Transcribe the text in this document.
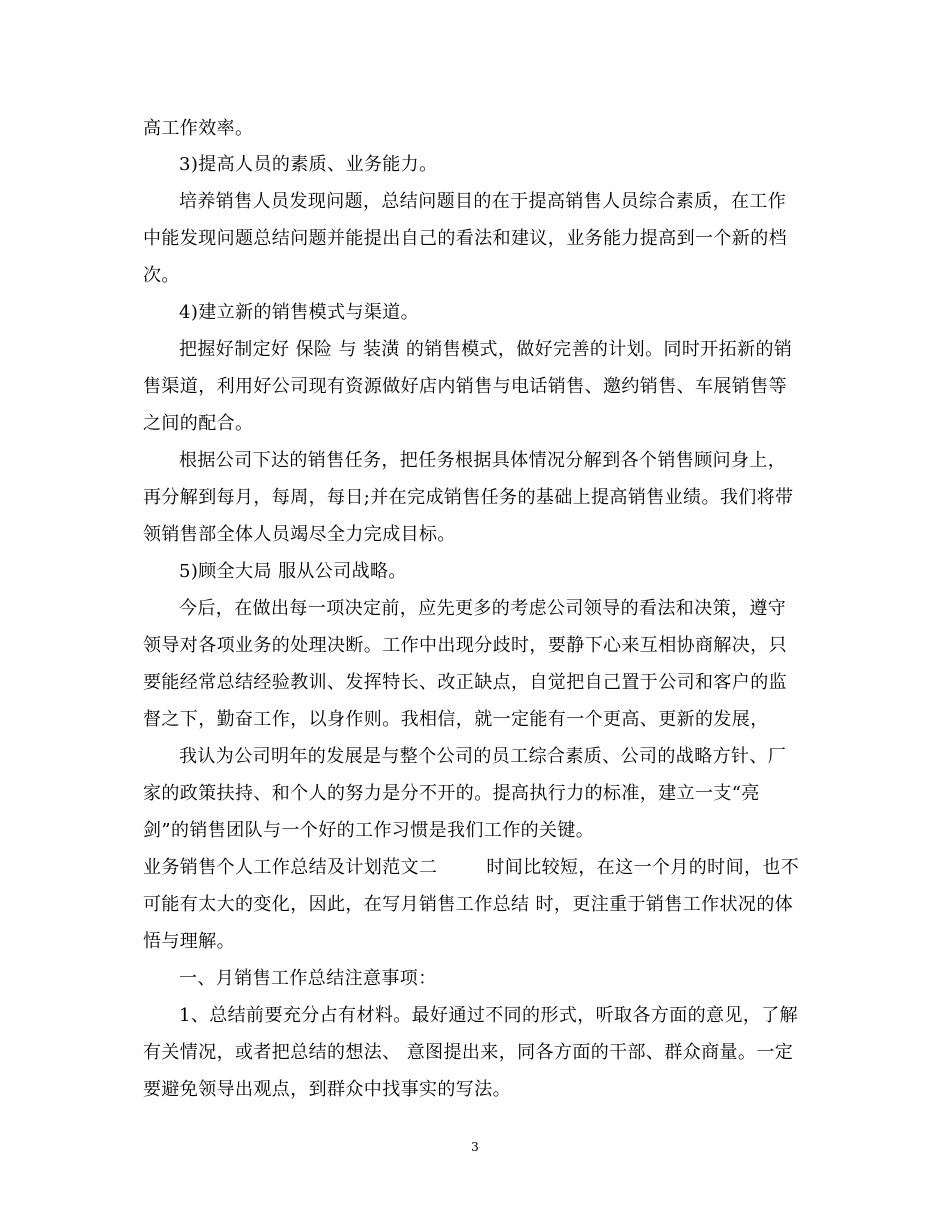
高工作效率。
3)提高人员的素质、业务能力。
培养销售人员发现问题，总结问题目的在于提高销售人员综合素质，在工作
中能发现问题总结问题并能提出自己的看法和建议，业务能力提高到一个新的档
次。
4)建立新的销售模式与渠道。
把握好制定好 保险 与 装潢 的销售模式，做好完善的计划。同时开拓新的销
售渠道，利用好公司现有资源做好店内销售与电话销售、邀约销售、车展销售等
之间的配合。
根据公司下达的销售任务，把任务根据具体情况分解到各个销售顾问身上，
再分解到每月，每周，每日;并在完成销售任务的基础上提高销售业绩。我们将带
领销售部全体人员竭尽全力完成目标。
5)顾全大局 服从公司战略。
今后，在做出每一项决定前，应先更多的考虑公司领导的看法和决策，遵守
领导对各项业务的处理决断。工作中出现分歧时，要静下心来互相协商解决，只
要能经常总结经验教训、发挥特长、改正缺点，自觉把自己置于公司和客户的监
督之下，勤奋工作，以身作则。我相信，就一定能有一个更高、更新的发展，
我认为公司明年的发展是与整个公司的员工综合素质、公司的战略方针、厂
家的政策扶持、和个人的努力是分不开的。提高执行力的标准，建立一支“亮
剑”的销售团队与一个好的工作习惯是我们工作的关键。
业务销售个人工作总结及计划范文二        时间比较短，在这一个月的时间，也不
可能有太大的变化，因此，在写月销售工作总结 时，更注重于销售工作状况的体
悟与理解。
一、月销售工作总结注意事项：
1、总结前要充分占有材料。最好通过不同的形式，听取各方面的意见，了解
有关情况，或者把总结的想法、 意图提出来，同各方面的干部、群众商量。一定
要避免领导出观点，到群众中找事实的写法。
3
